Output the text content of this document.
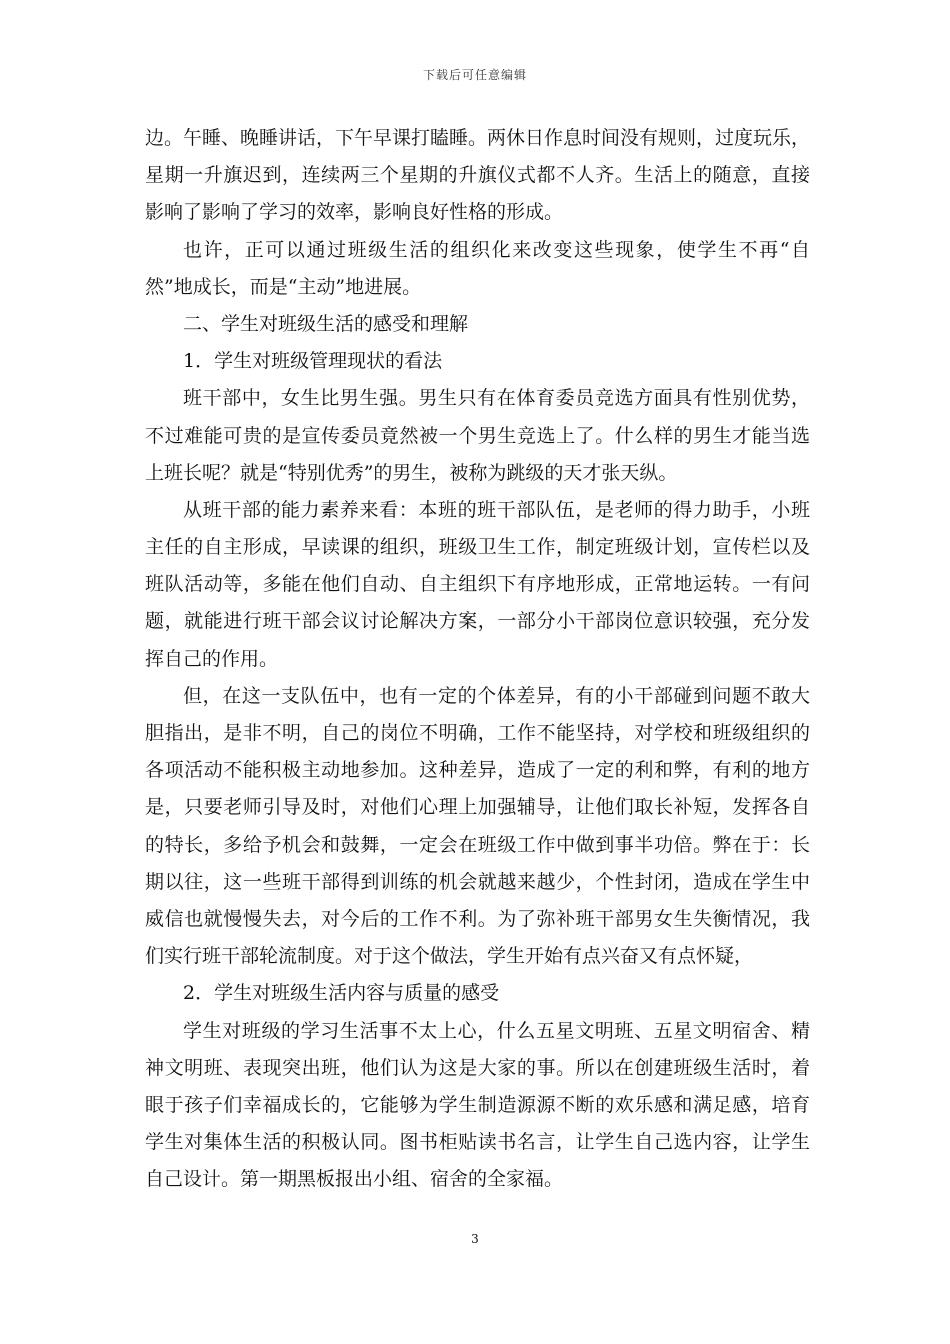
下载后可任意编辑
边。午睡、晚睡讲话，下午早课打瞌睡。两休日作息时间没有规则，过度玩乐，
星期一升旗迟到，连续两三个星期的升旗仪式都不人齐。生活上的随意，直接
影响了影响了学习的效率，影响良好性格的形成。
也许，正可以通过班级生活的组织化来改变这些现象，使学生不再“自
然”地成长，而是“主动”地进展。
二、学生对班级生活的感受和理解
1．学生对班级管理现状的看法
班干部中，女生比男生强。男生只有在体育委员竞选方面具有性别优势，
不过难能可贵的是宣传委员竟然被一个男生竞选上了。什么样的男生才能当选
上班长呢？就是“特别优秀”的男生，被称为跳级的天才张天纵。
从班干部的能力素养来看：本班的班干部队伍，是老师的得力助手，小班
主任的自主形成，早读课的组织，班级卫生工作，制定班级计划，宣传栏以及
班队活动等，多能在他们自动、自主组织下有序地形成，正常地运转。一有问
题，就能进行班干部会议讨论解决方案，一部分小干部岗位意识较强，充分发
挥自己的作用。
但，在这一支队伍中，也有一定的个体差异，有的小干部碰到问题不敢大
胆指出，是非不明，自己的岗位不明确，工作不能坚持，对学校和班级组织的
各项活动不能积极主动地参加。这种差异，造成了一定的利和弊，有利的地方
是，只要老师引导及时，对他们心理上加强辅导，让他们取长补短，发挥各自
的特长，多给予机会和鼓舞，一定会在班级工作中做到事半功倍。弊在于：长
期以往，这一些班干部得到训练的机会就越来越少，个性封闭，造成在学生中
威信也就慢慢失去，对今后的工作不利。为了弥补班干部男女生失衡情况，我
们实行班干部轮流制度。对于这个做法，学生开始有点兴奋又有点怀疑，
2．学生对班级生活内容与质量的感受
学生对班级的学习生活事不太上心，什么五星文明班、五星文明宿舍、精
神文明班、表现突出班，他们认为这是大家的事。所以在创建班级生活时，着
眼于孩子们幸福成长的，它能够为学生制造源源不断的欢乐感和满足感，培育
学生对集体生活的积极认同。图书柜贴读书名言，让学生自己选内容，让学生
自己设计。第一期黑板报出小组、宿舍的全家福。
3
